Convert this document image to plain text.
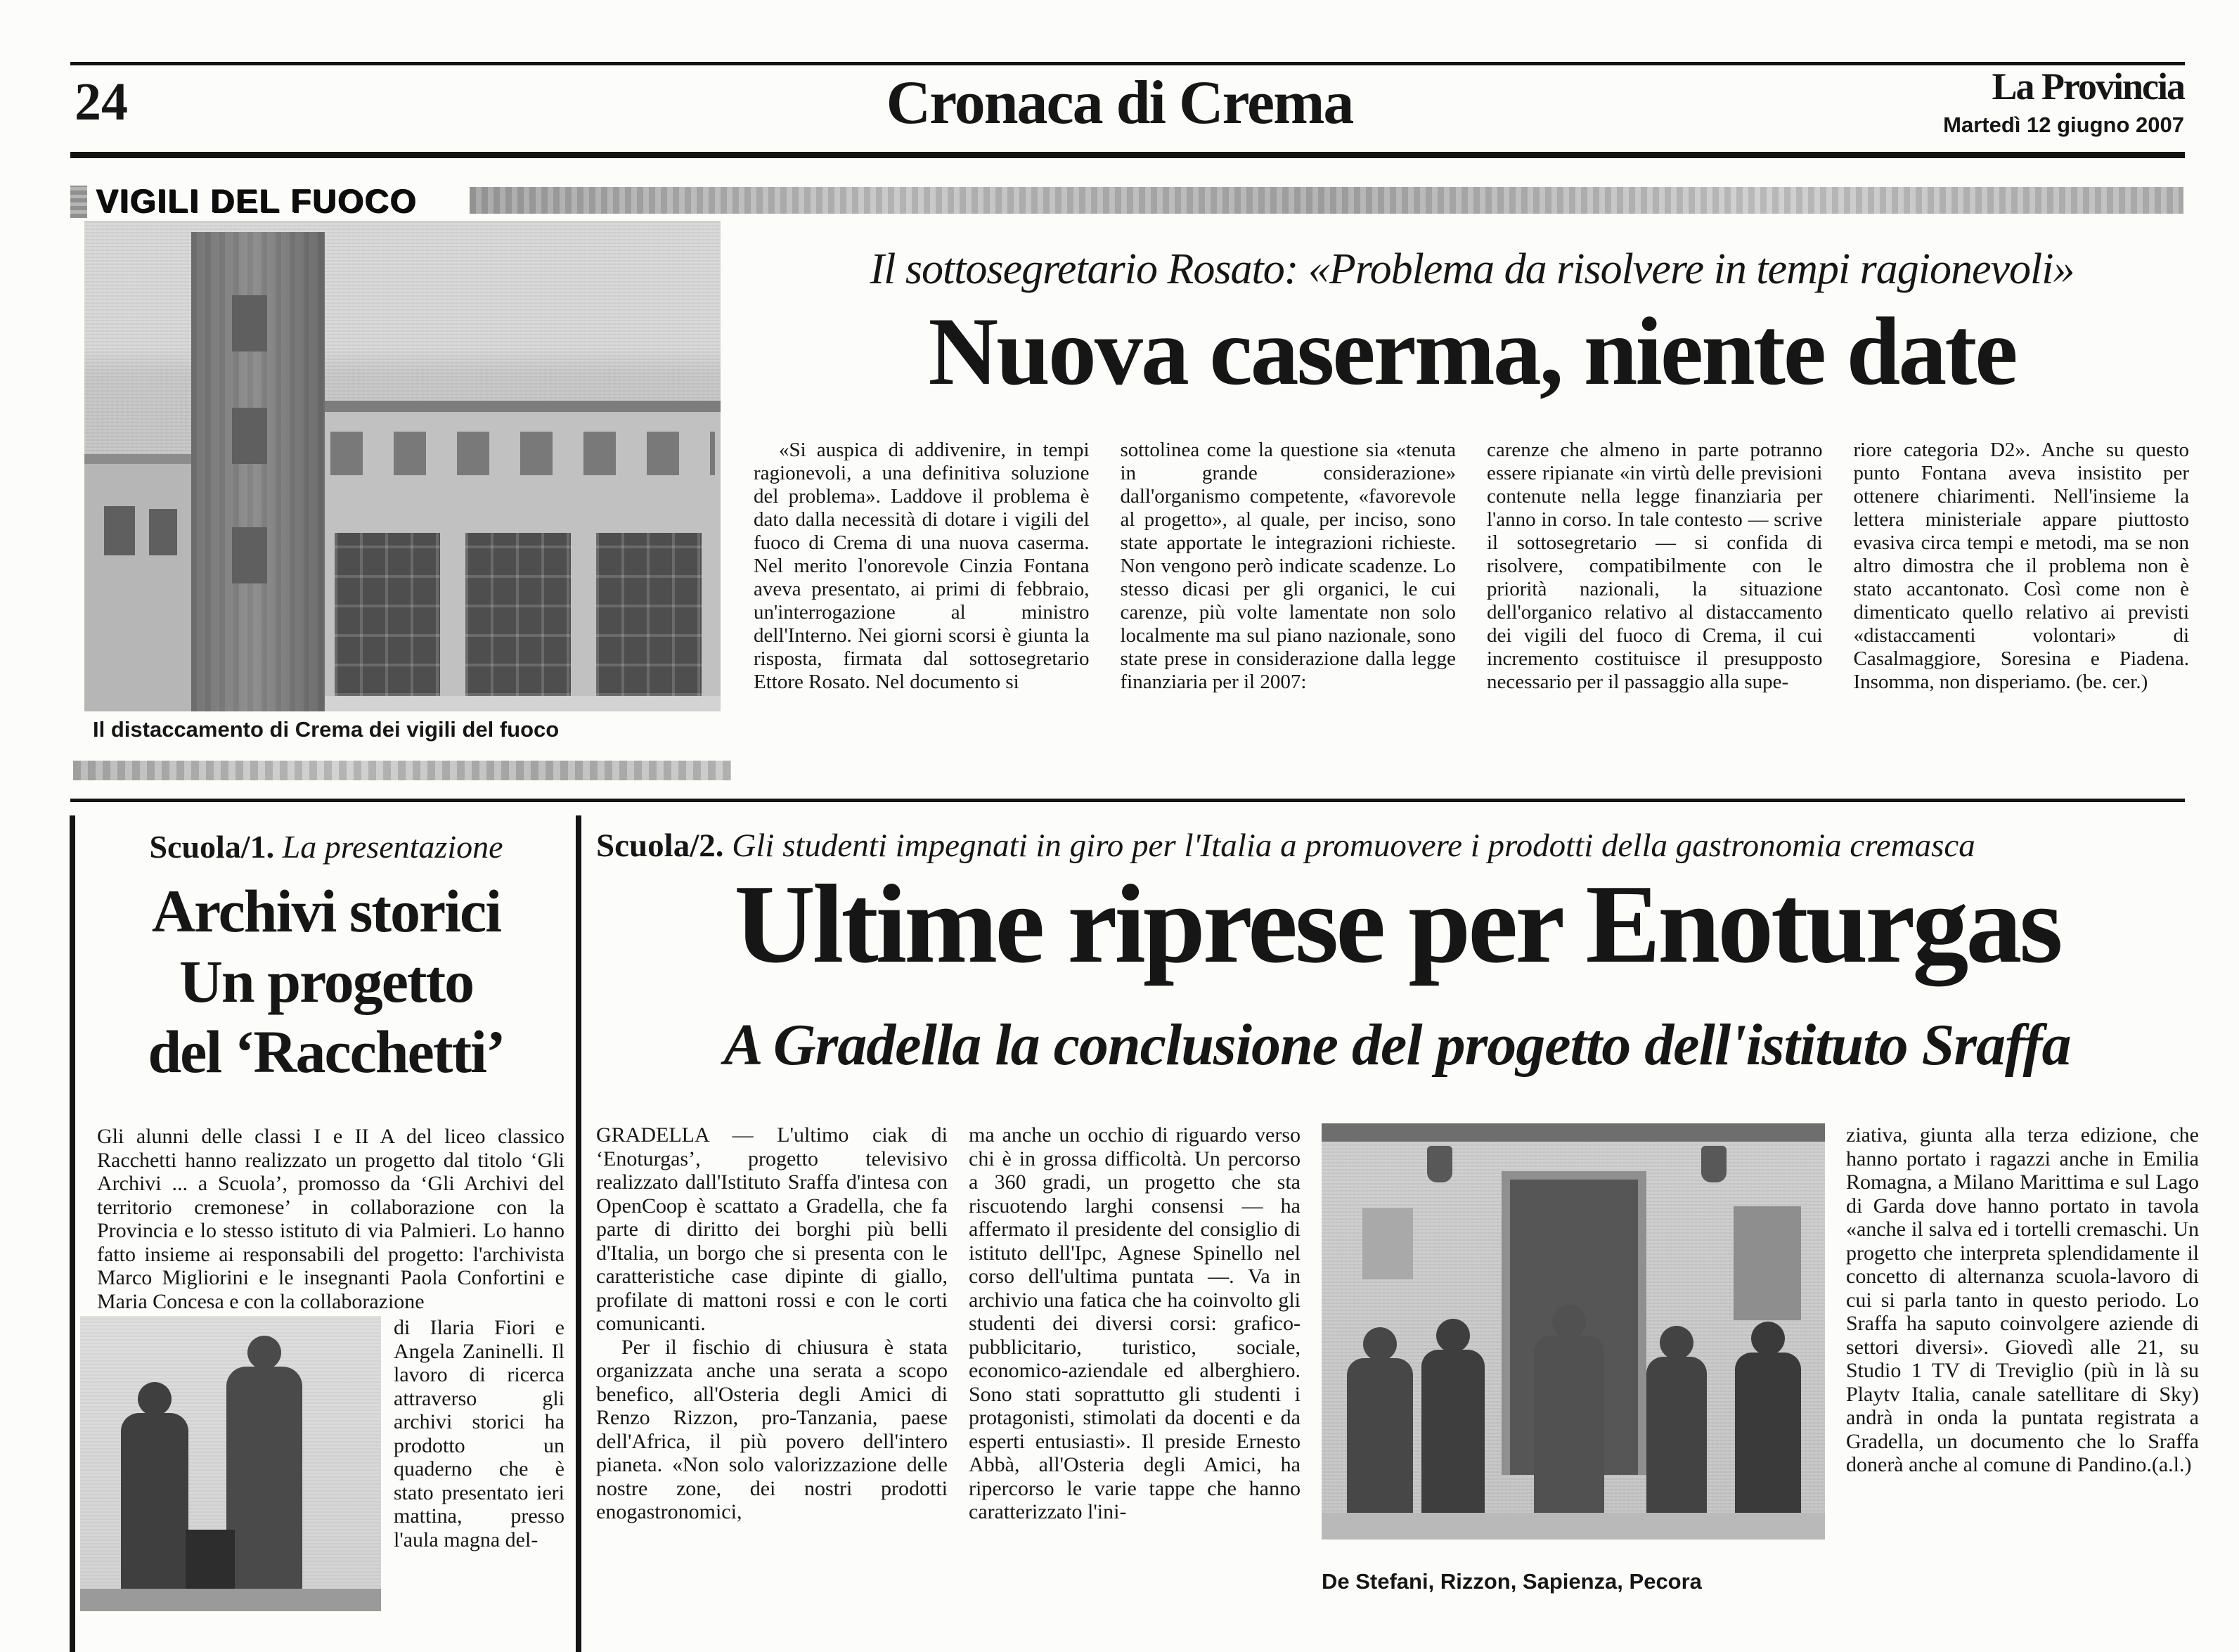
24	Cronaca di Crema	La Provincia
Martedì 12 giugno 2007
VIGILI DEL FUOCO
Il distaccamento di Crema dei vigili del fuoco
Il sottosegretario Rosato: «Problema da risolvere in tempi ragionevoli»
Nuova caserma, niente date

«Si auspica di addivenire, in tempi ragionevoli, a una definitiva soluzione del problema». Laddove il problema è dato dalla necessità di dotare i vigili del fuoco di Crema di una nuova caserma. Nel merito l'onorevole Cinzia Fontana aveva presentato, ai primi di febbraio, un'interrogazione al ministro dell'Interno. Nei giorni scorsi è giunta la risposta, firmata dal sottosegretario Ettore Rosato. Nel documento si

sottolinea come la questione sia «tenuta in grande considerazione» dall'organismo competente, «favorevole al progetto», al quale, per inciso, sono state apportate le integrazioni richieste. Non vengono però indicate scadenze. Lo stesso dicasi per gli organici, le cui carenze, più volte lamentate non solo localmente ma sul piano nazionale, sono state prese in considerazione dalla legge finanziaria per il 2007:

carenze che almeno in parte potranno essere ripianate «in virtù delle previsioni contenute nella legge finanziaria per l'anno in corso. In tale contesto — scrive il sottosegretario — si confida di risolvere, compatibilmente con le priorità nazionali, la situazione dell'organico relativo al distaccamento dei vigili del fuoco di Crema, il cui incremento costituisce il presupposto necessario per il passaggio alla supe-

riore categoria D2». Anche su questo punto Fontana aveva insistito per ottenere chiarimenti. Nell'insieme la lettera ministeriale appare piuttosto evasiva circa tempi e metodi, ma se non altro dimostra che il problema non è stato accantonato. Così come non è dimenticato quello relativo ai previsti «distaccamenti volontari» di Casalmaggiore, Soresina e Piadena. Insomma, non disperiamo. (be. cer.)

Scuola/1. La presentazione
Archivi storici
Un progetto
del ‘Racchetti’

Gli alunni delle classi I e II A del liceo classico Racchetti hanno realizzato un progetto dal titolo ‘Gli Archivi ... a Scuola’, promosso da ‘Gli Archivi del territorio cremonese’ in collaborazione con la Provincia e lo stesso istituto di via Palmieri. Lo hanno fatto insieme ai responsabili del progetto: l'archivista Marco Migliorini e le insegnanti Paola Confortini e Maria Concesa e con la collaborazione

di Ilaria Fiori e Angela Zaninelli. Il lavoro di ricerca attraverso gli archivi storici ha prodotto un quaderno che è stato presentato ieri mattina, presso l'aula magna del-

Scuola/2. Gli studenti impegnati in giro per l'Italia a promuovere i prodotti della gastronomia cremasca
Ultime riprese per Enoturgas
A Gradella la conclusione del progetto dell'istituto Sraffa

GRADELLA — L'ultimo ciak di ‘Enoturgas’, progetto televisivo realizzato dall'Istituto Sraffa d'intesa con OpenCoop è scattato a Gradella, che fa parte di diritto dei borghi più belli d'Italia, un borgo che si presenta con le caratteristiche case dipinte di giallo, profilate di mattoni rossi e con le corti comunicanti.

Per il fischio di chiusura è stata organizzata anche una serata a scopo benefico, all'Osteria degli Amici di Renzo Rizzon, pro-Tanzania, paese dell'Africa, il più povero dell'intero pianeta. «Non solo valorizzazione delle nostre zone, dei nostri prodotti enogastronomici,

ma anche un occhio di riguardo verso chi è in grossa difficoltà. Un percorso a 360 gradi, un progetto che sta riscuotendo larghi consensi — ha affermato il presidente del consiglio di istituto dell'Ipc, Agnese Spinello nel corso dell'ultima puntata —. Va in archivio una fatica che ha coinvolto gli studenti dei diversi corsi: grafico-pubblicitario, turistico, sociale, economico-aziendale ed alberghiero. Sono stati soprattutto gli studenti i protagonisti, stimolati da docenti e da esperti entusiasti». Il preside Ernesto Abbà, all'Osteria degli Amici, ha ripercorso le varie tappe che hanno caratterizzato l'ini-

De Stefani, Rizzon, Sapienza, Pecora

ziativa, giunta alla terza edizione, che hanno portato i ragazzi anche in Emilia Romagna, a Milano Marittima e sul Lago di Garda dove hanno portato in tavola «anche il salva ed i tortelli cremaschi. Un progetto che interpreta splendidamente il concetto di alternanza scuola-lavoro di cui si parla tanto in questo periodo. Lo Sraffa ha saputo coinvolgere aziende di settori diversi». Giovedì alle 21, su Studio 1 TV di Treviglio (più in là su Playtv Italia, canale satellitare di Sky) andrà in onda la puntata registrata a Gradella, un documento che lo Sraffa donerà anche al comune di Pandino.(a.l.)
